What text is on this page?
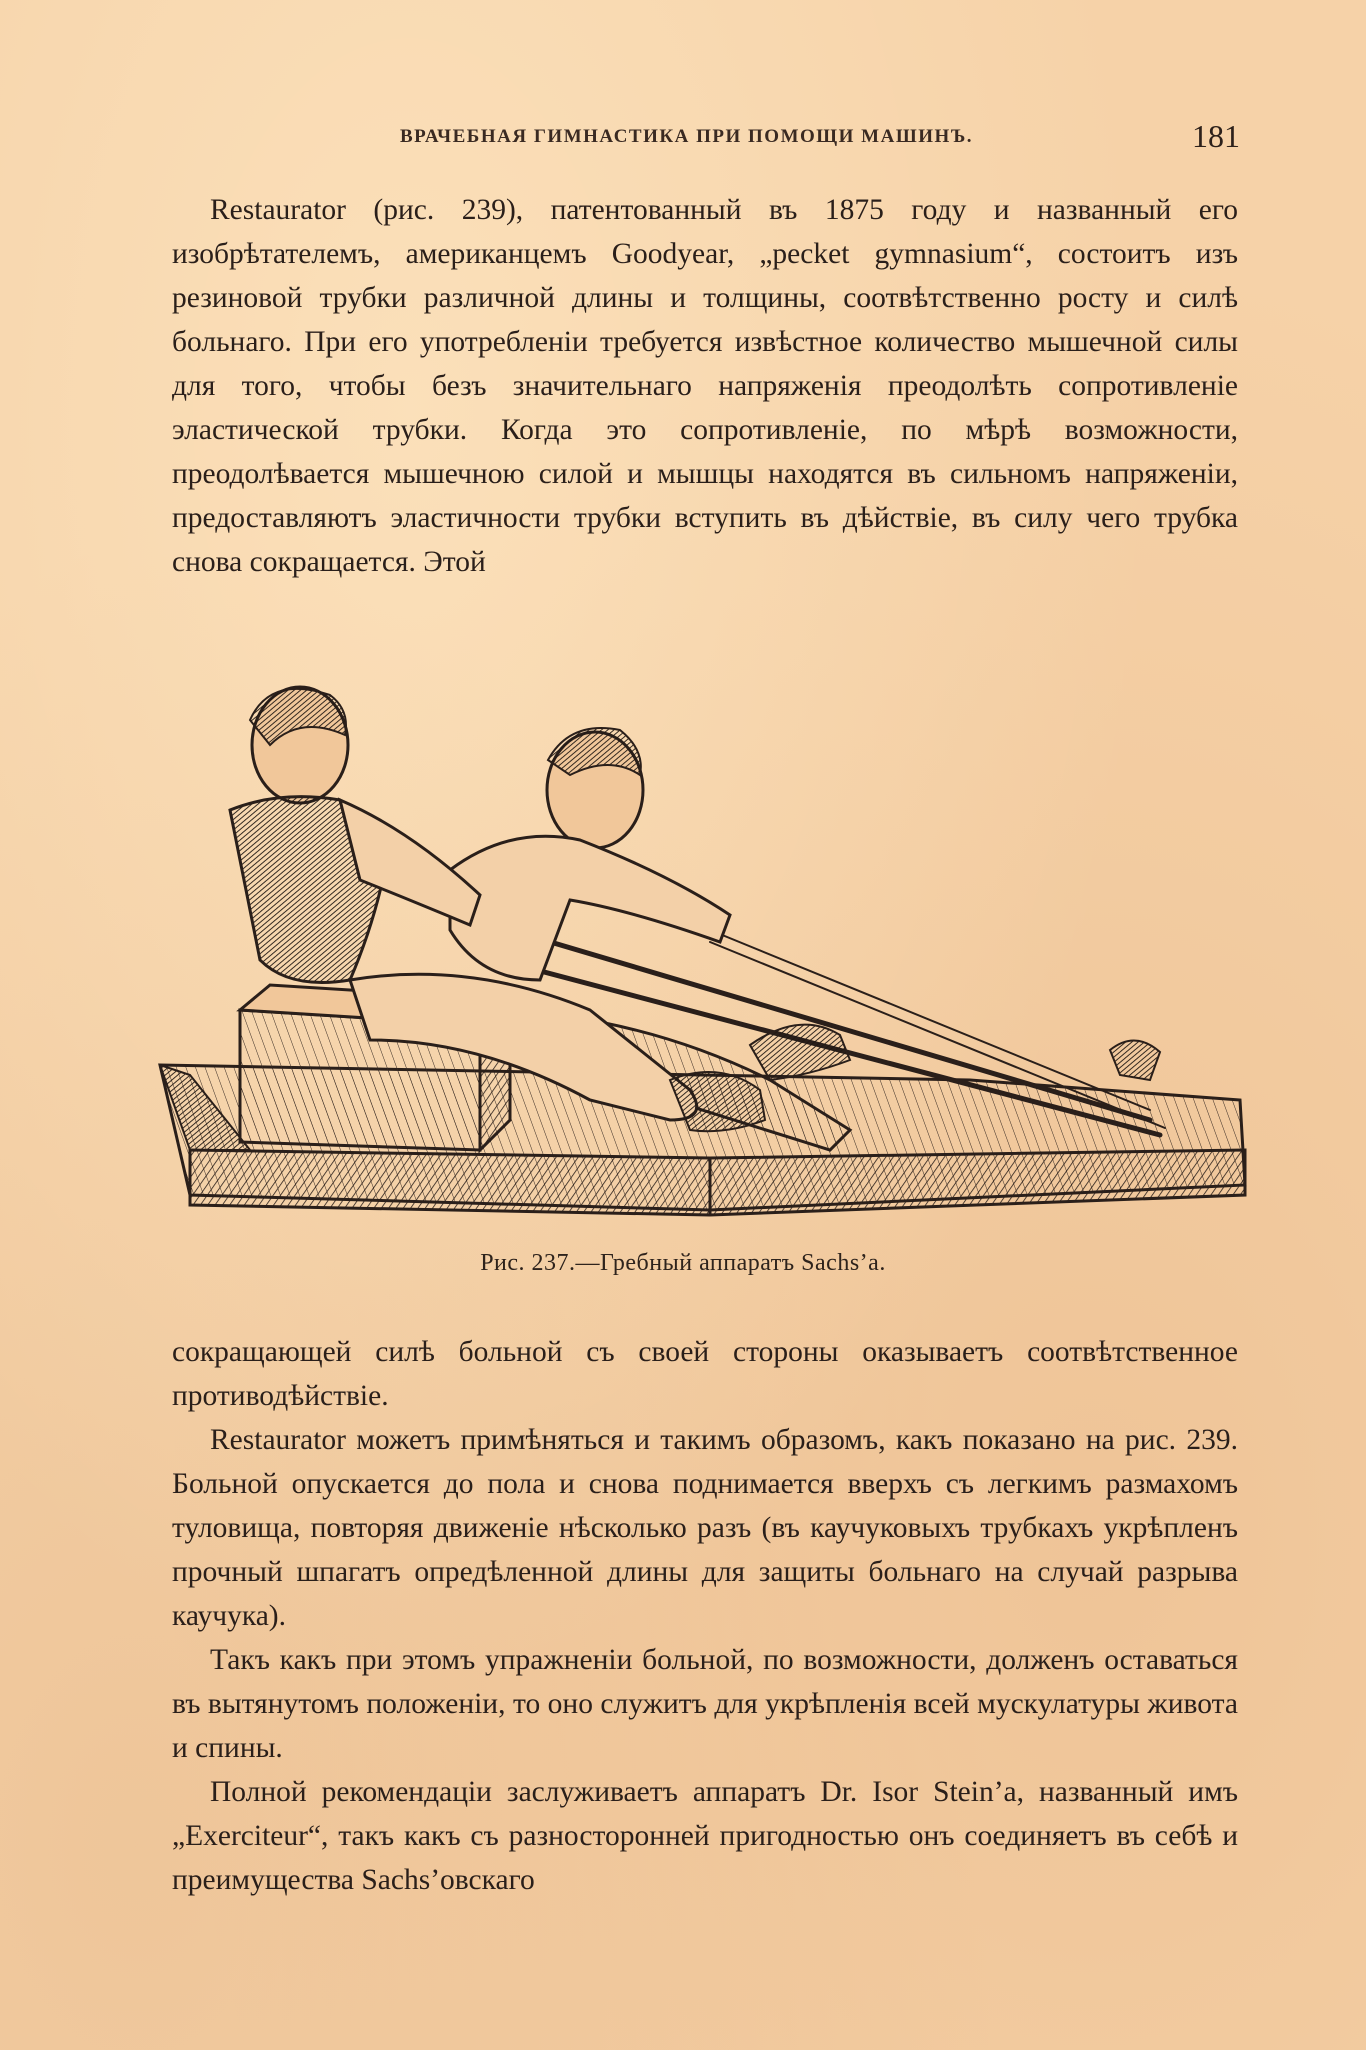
ВРАЧЕБНАЯ ГИМНАСТИКА ПРИ ПОМОЩИ МАШИНЪ.	181

Restaurator (рис. 239), патентованный въ 1875 году и названный его изобрѣтателемъ, американцемъ Goodyear, „pecket gymnasium“, состоитъ изъ резиновой трубки различной длины и толщины, соотвѣтственно росту и силѣ больнаго. При его употребленіи требуется извѣстное количество мышечной силы для того, чтобы безъ значительнаго напряженія преодолѣть сопротивленіе эластической трубки. Когда это сопротивленіе, по мѣрѣ возможности, преодолѣвается мышечною силой и мышцы находятся въ сильномъ напряженіи, предоставляютъ эластичности трубки вступить въ дѣйствіе, въ силу чего трубка снова сокращается. Этой

Рис. 237.—Гребный аппаратъ Sachs’a.

сокращающей силѣ больной съ своей стороны оказываетъ соотвѣтственное противодѣйствіе.

Restaurator можетъ примѣняться и такимъ образомъ, какъ показано на рис. 239. Больной опускается до пола и снова поднимается вверхъ съ легкимъ размахомъ туловища, повторяя движеніе нѣсколько разъ (въ каучуковыхъ трубкахъ укрѣпленъ прочный шпагатъ опредѣленной длины для защиты больнаго на случай разрыва каучука).

Такъ какъ при этомъ упражненіи больной, по возможности, долженъ оставаться въ вытянутомъ положеніи, то оно служитъ для укрѣпленія всей мускулатуры живота и спины.

Полной рекомендаціи заслуживаетъ аппаратъ Dr. Isor Stein’a, названный имъ „Exercіteur“, такъ какъ съ разносторонней пригодностью онъ соединяетъ въ себѣ и преимущества Sachs’овскаго
